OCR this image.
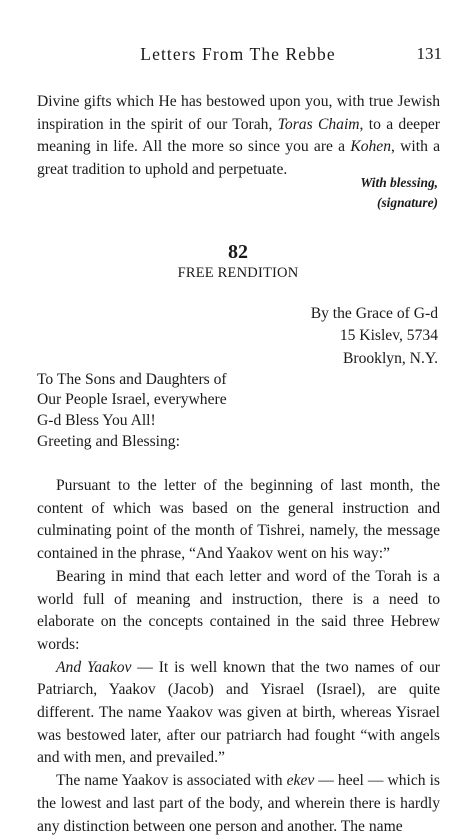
Letters From The Rebbe	131
Divine gifts which He has bestowed upon you, with true Jewish inspiration in the spirit of our Torah, Toras Chaim, to a deeper meaning in life. All the more so since you are a Kohen, with a great tradition to uphold and perpetuate.
With blessing,
(signature)
82
FREE RENDITION
By the Grace of G-d
15 Kislev, 5734
Brooklyn, N.Y.
To The Sons and Daughters of
Our People Israel, everywhere
G-d Bless You All!
Greeting and Blessing:

Pursuant to the letter of the beginning of last month, the content of which was based on the general instruction and culminating point of the month of Tishrei, namely, the message contained in the phrase, “And Yaakov went on his way:”

Bearing in mind that each letter and word of the Torah is a world full of meaning and instruction, there is a need to elaborate on the concepts contained in the said three Hebrew words:

And Yaakov — It is well known that the two names of our Patriarch, Yaakov (Jacob) and Yisrael (Israel), are quite different. The name Yaakov was given at birth, whereas Yisrael was bestowed later, after our patriarch had fought “with angels and with men, and prevailed.”

The name Yaakov is associated with ekev — heel — which is the lowest and last part of the body, and wherein there is hardly any distinction between one person and another. The name
